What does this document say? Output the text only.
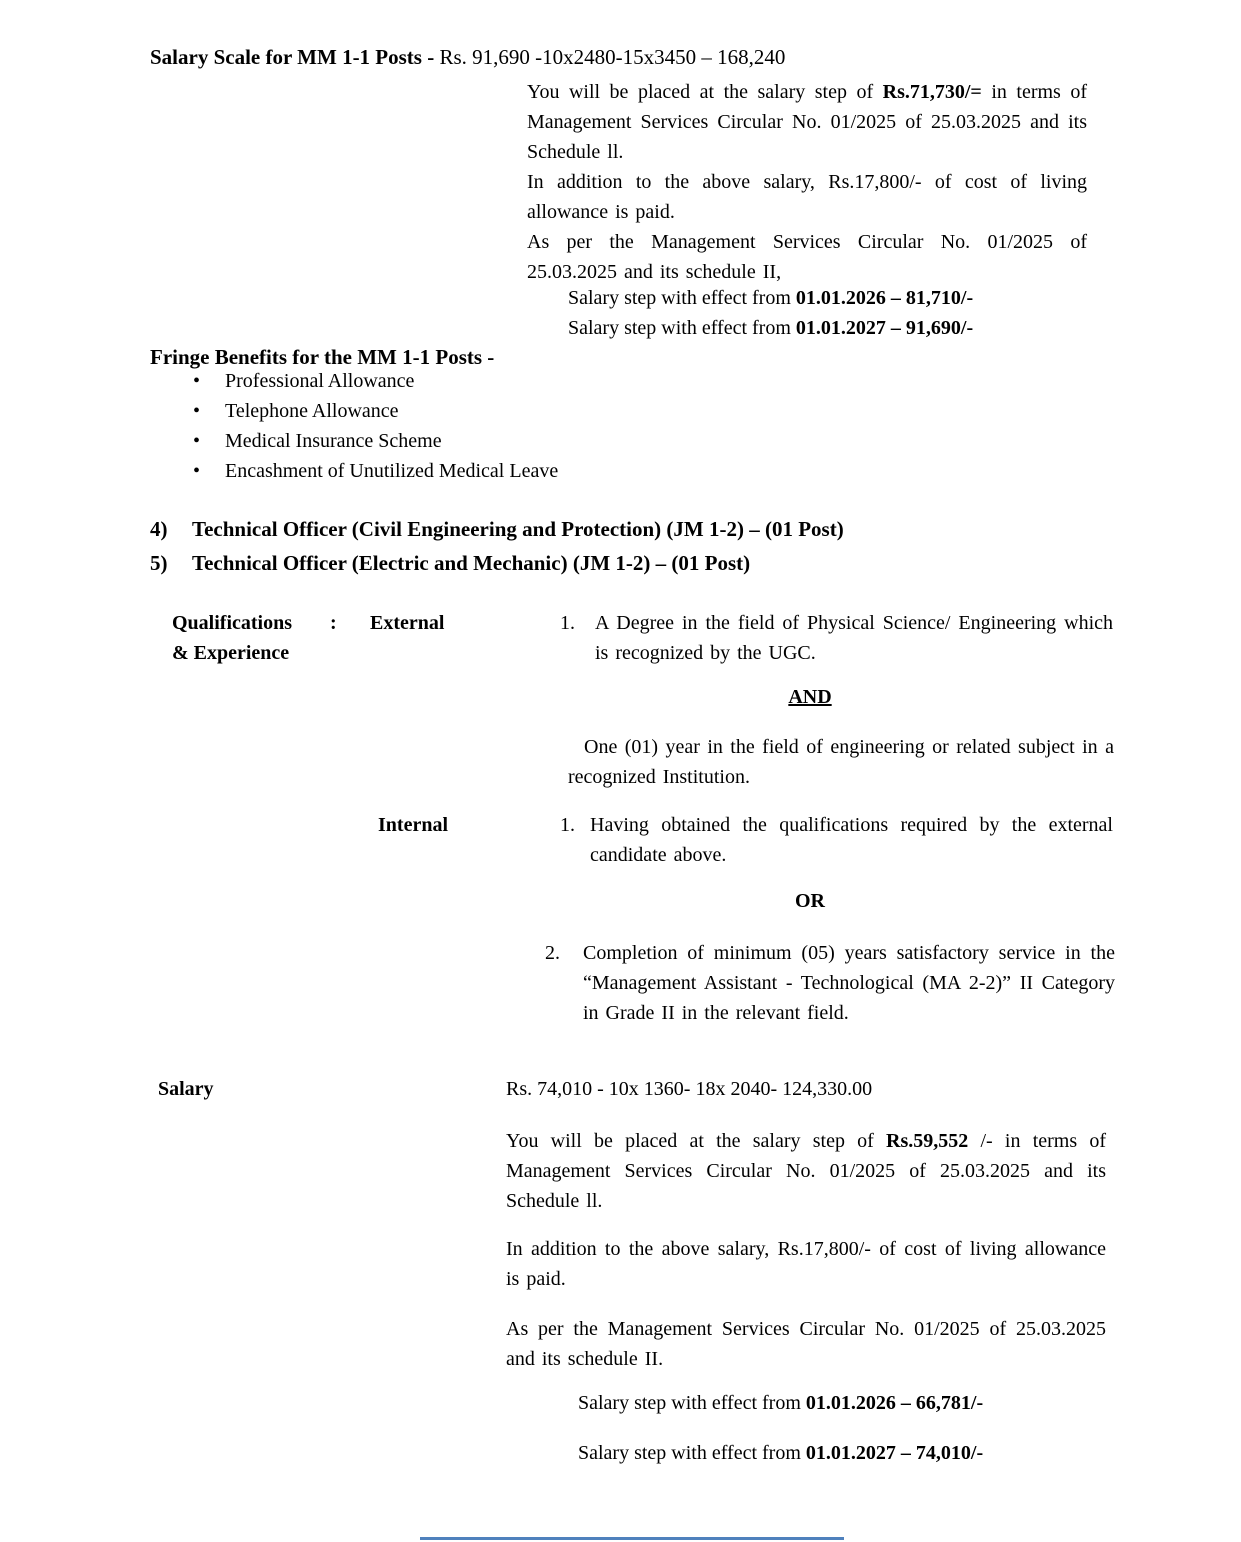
Salary Scale for MM 1-1 Posts - Rs. 91,690 -10x2480-15x3450 – 168,240

You will be placed at the salary step of Rs.71,730/= in terms of Management Services Circular No. 01/2025 of 25.03.2025 and its Schedule ll.

In addition to the above salary, Rs.17,800/- of cost of living allowance is paid.

As per the Management Services Circular No. 01/2025 of 25.03.2025 and its schedule II,

Salary step with effect from 01.01.2026 – 81,710/-
Salary step with effect from 01.01.2027 – 91,690/-
Fringe Benefits for the MM 1-1 Posts -
• Professional Allowance
• Telephone Allowance
• Medical Insurance Scheme
• Encashment of Unutilized Medical Leave
4)	Technical Officer (Civil Engineering and Protection) (JM 1-2) – (01 Post)
5)	Technical Officer (Electric and Mechanic) (JM 1-2) – (01 Post)
Qualifications : External
& Experience
1.	A Degree in the field of Physical Science/ Engineering which is recognized by the UGC.
AND
One (01) year in the field of engineering or related subject in a recognized Institution.
Internal	1. Having obtained the qualifications required by the external candidate above.
OR
2.	Completion of minimum (05) years satisfactory service in the “Management Assistant - Technological (MA 2-2)” II Category in Grade II in the relevant field.
Salary	Rs. 74,010 - 10x 1360- 18x 2040- 124,330.00
You will be placed at the salary step of Rs.59,552 /- in terms of Management Services Circular No. 01/2025 of 25.03.2025 and its Schedule ll.
In addition to the above salary, Rs.17,800/- of cost of living allowance is paid.
As per the Management Services Circular No. 01/2025 of 25.03.2025 and its schedule II.
Salary step with effect from 01.01.2026 – 66,781/-
Salary step with effect from 01.01.2027 – 74,010/-
